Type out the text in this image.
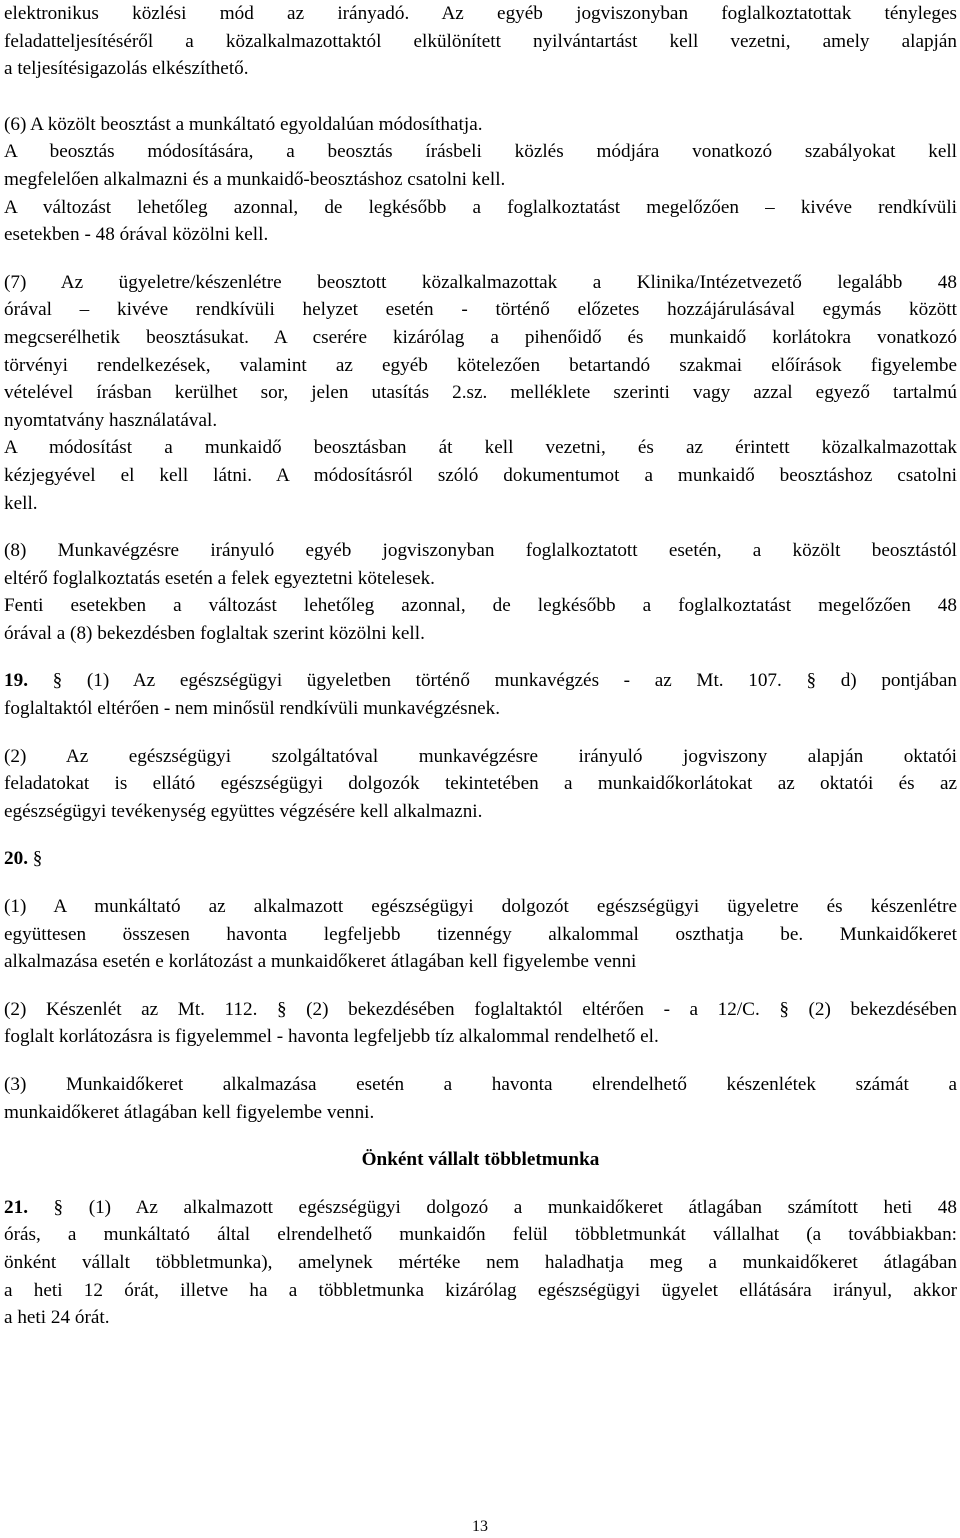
elektronikus közlési mód az irányadó. Az egyéb jogviszonyban foglalkoztatottak tényleges
feladatteljesítéséről a közalkalmazottaktól elkülönített nyilvántartást kell vezetni, amely alapján
a teljesítésigazolás elkészíthető.
(6) A közölt beosztást a munkáltató egyoldalúan módosíthatja.
A beosztás módosítására, a beosztás írásbeli közlés módjára vonatkozó szabályokat kell
megfelelően alkalmazni és a munkaidő-beosztáshoz csatolni kell.
A változást lehetőleg azonnal, de legkésőbb a foglalkoztatást megelőzően – kivéve rendkívüli
esetekben - 48 órával közölni kell.
(7) Az ügyeletre/készenlétre beosztott közalkalmazottak a Klinika/Intézetvezető legalább 48
órával – kivéve rendkívüli helyzet esetén - történő előzetes hozzájárulásával egymás között
megcserélhetik beosztásukat. A cserére kizárólag a pihenőidő és munkaidő korlátokra vonatkozó
törvényi rendelkezések, valamint az egyéb kötelezően betartandó szakmai előírások figyelembe
vételével írásban kerülhet sor, jelen utasítás 2.sz. melléklete szerinti vagy azzal egyező tartalmú
nyomtatvány használatával.
A módosítást a munkaidő beosztásban át kell vezetni, és az érintett közalkalmazottak
kézjegyével el kell látni. A módosításról szóló dokumentumot a munkaidő beosztáshoz csatolni
kell.
(8) Munkavégzésre irányuló egyéb jogviszonyban foglalkoztatott esetén, a közölt beosztástól
eltérő foglalkoztatás esetén a felek egyeztetni kötelesek.
Fenti esetekben a változást lehetőleg azonnal, de legkésőbb a foglalkoztatást megelőzően 48
órával a (8) bekezdésben foglaltak szerint közölni kell.
19. § (1) Az egészségügyi ügyeletben történő munkavégzés - az Mt. 107. § d) pontjában
foglaltaktól eltérően - nem minősül rendkívüli munkavégzésnek.
(2) Az egészségügyi szolgáltatóval munkavégzésre irányuló jogviszony alapján oktatói
feladatokat is ellátó egészségügyi dolgozók tekintetében a munkaidőkorlátokat az oktatói és az
egészségügyi tevékenység együttes végzésére kell alkalmazni.
20. §
(1) A munkáltató az alkalmazott egészségügyi dolgozót egészségügyi ügyeletre és készenlétre
együttesen összesen havonta legfeljebb tizennégy alkalommal oszthatja be. Munkaidőkeret
alkalmazása esetén e korlátozást a munkaidőkeret átlagában kell figyelembe venni
(2) Készenlét az Mt. 112. § (2) bekezdésében foglaltaktól eltérően - a 12/C. § (2) bekezdésében
foglalt korlátozásra is figyelemmel - havonta legfeljebb tíz alkalommal rendelhető el.
(3) Munkaidőkeret alkalmazása esetén a havonta elrendelhető készenlétek számát a
munkaidőkeret átlagában kell figyelembe venni.
Önként vállalt többletmunka
21. § (1) Az alkalmazott egészségügyi dolgozó a munkaidőkeret átlagában számított heti 48
órás, a munkáltató által elrendelhető munkaidőn felül többletmunkát vállalhat (a továbbiakban:
önként vállalt többletmunka), amelynek mértéke nem haladhatja meg a munkaidőkeret átlagában
a heti 12 órát, illetve ha a többletmunka kizárólag egészségügyi ügyelet ellátására irányul, akkor
a heti 24 órát.
13
